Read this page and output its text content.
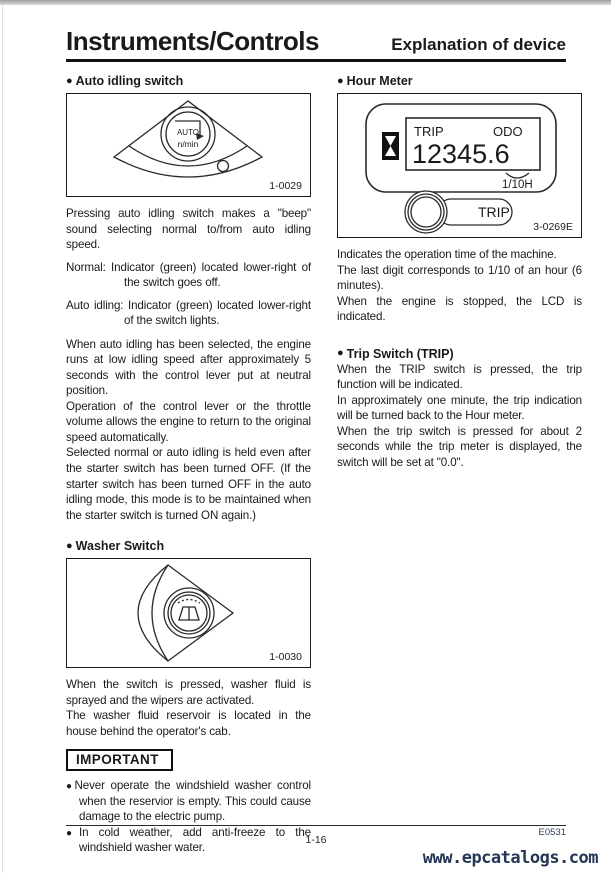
Instruments/Controls	Explanation of device
● Auto idling switch
AUTO
n/min
1-0029

Pressing auto idling switch makes a "beep" sound selecting normal to/from auto idling speed.

Normal: Indicator (green) located lower-right of the switch goes off.

Auto idling: Indicator (green) located lower-right of the switch lights.

When auto idling has been selected, the engine runs at low idling speed after approximately 5 seconds with the control lever put at neutral position.

Operation of the control lever or the throttle volume allows the engine to return to the original speed automatically.

Selected normal or auto idling is held even after the starter switch has been turned OFF. (If the starter switch has been turned OFF in the auto idling mode, this mode is to be maintained when the starter switch is turned ON again.)

● Washer Switch
1-0030

When the switch is pressed, washer fluid is sprayed and the wipers are activated.

The washer fluid reservoir is located in the house behind the operator's cab.

IMPORTANT

●Never operate the windshield washer control when the reservior is empty. This could cause damage to the electric pump.

●In cold weather, add anti-freeze to the windshield washer water.

● Hour Meter
TRIP	ODO
12345.6
1/10H
TRIP
3-0269E

Indicates the operation time of the machine.

The last digit corresponds to 1/10 of an hour (6 minutes).

When the engine is stopped, the LCD is indicated.

● Trip Switch (TRIP)

When the TRIP switch is pressed, the trip function will be indicated.

In approximately one minute, the trip indication will be turned back to the Hour meter.

When the trip switch is pressed for about 2 seconds while the trip meter is displayed, the switch will be set at "0.0".

E0531
1-16
www.epcatalogs.com
